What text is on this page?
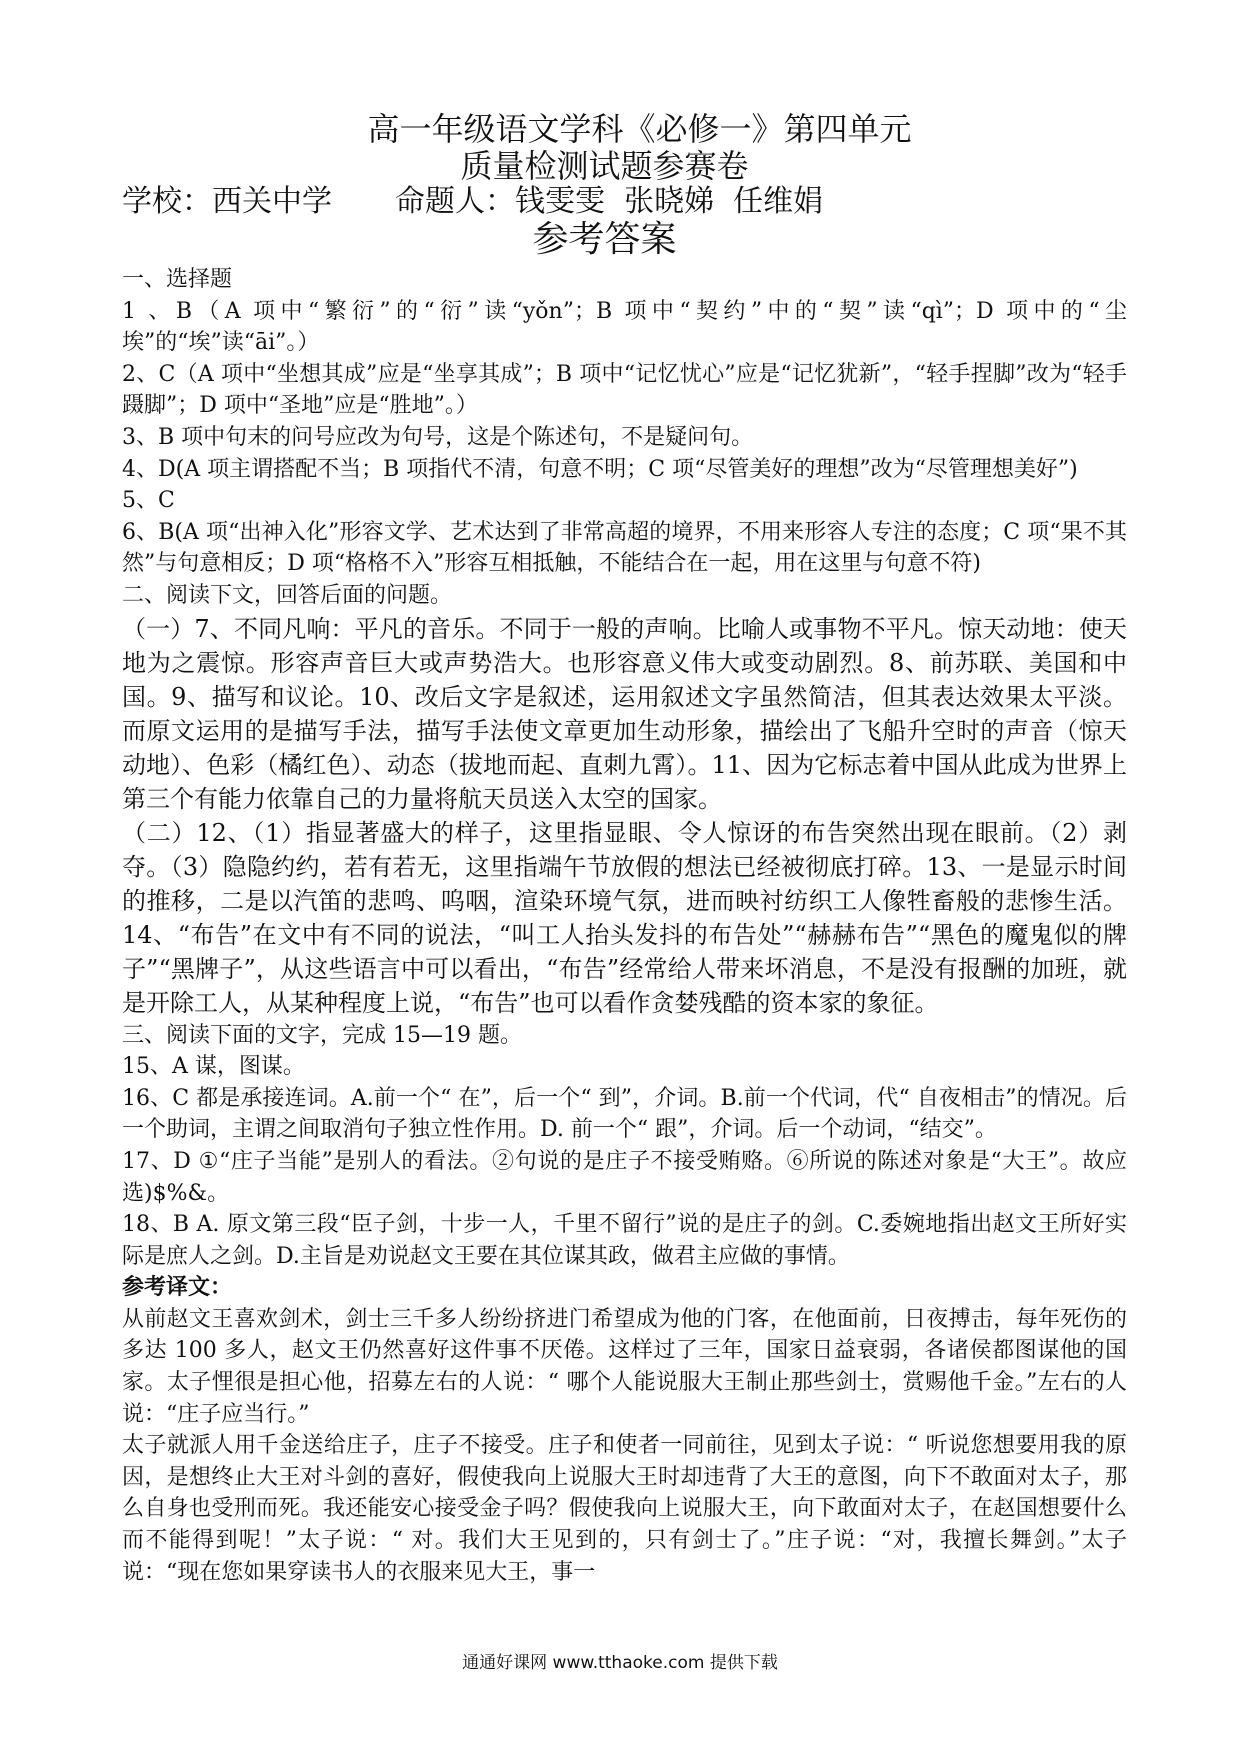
高一年级语文学科《必修一》第四单元
质量检测试题参赛卷
学校：西关中学 命题人：钱雯雯  张晓娣  任维娟
参考答案

一、选择题

1 、B（A 项中“繁衍”的“衍”读“yǒn”；B 项中“契约”中的“契”读“qì”；D 项中的“尘埃”的“埃”读“āi”。）

2、C（A 项中“坐想其成”应是“坐享其成”；B 项中“记忆忧心”应是“记忆犹新”，“轻手捏脚”改为“轻手蹑脚”；D 项中“圣地”应是“胜地”。）

3、B 项中句末的问号应改为句号，这是个陈述句，不是疑问句。

4、D(A 项主谓搭配不当；B 项指代不清，句意不明；C 项“尽管美好的理想”改为“尽管理想美好”)

5、C

6、B(A 项“出神入化”形容文学、艺术达到了非常高超的境界，不用来形容人专注的态度；C 项“果不其然”与句意相反；D 项“格格不入”形容互相抵触，不能结合在一起，用在这里与句意不符)

二、阅读下文，回答后面的问题。

（一）7、不同凡响：平凡的音乐。不同于一般的声响。比喻人或事物不平凡。惊天动地：使天地为之震惊。形容声音巨大或声势浩大。也形容意义伟大或变动剧烈。8、前苏联、美国和中国。9、描写和议论。10、改后文字是叙述，运用叙述文字虽然简洁，但其表达效果太平淡。而原文运用的是描写手法，描写手法使文章更加生动形象，描绘出了飞船升空时的声音（惊天动地）、色彩（橘红色）、动态（拔地而起、直刺九霄）。11、因为它标志着中国从此成为世界上第三个有能力依靠自己的力量将航天员送入太空的国家。

（二）12、（1）指显著盛大的样子，这里指显眼、令人惊讶的布告突然出现在眼前。（2）剥夺。（3）隐隐约约，若有若无，这里指端午节放假的想法已经被彻底打碎。13、一是显示时间的推移，二是以汽笛的悲鸣、呜咽，渲染环境气氛，进而映衬纺织工人像牲畜般的悲惨生活。14、“布告”在文中有不同的说法，“叫工人抬头发抖的布告处”“赫赫布告”“黑色的魔鬼似的牌子”“黑牌子”，从这些语言中可以看出，“布告”经常给人带来坏消息，不是没有报酬的加班，就是开除工人，从某种程度上说，“布告”也可以看作贪婪残酷的资本家的象征。

三、阅读下面的文字，完成 15—19 题。

15、A 谋，图谋。

16、C 都是承接连词。A.前一个“ 在”，后一个“ 到”，介词。B.前一个代词，代“ 自夜相击”的情况。后一个助词，主谓之间取消句子独立性作用。D. 前一个“ 跟”，介词。后一个动词，“结交”。

17、D ①“庄子当能”是别人的看法。②句说的是庄子不接受贿赂。⑥所说的陈述对象是“大王”。故应选)$%&。

18、B A. 原文第三段“臣子剑，十步一人，千里不留行”说的是庄子的剑。C.委婉地指出赵文王所好实际是庶人之剑。D.主旨是劝说赵文王要在其位谋其政，做君主应做的事情。

参考译文：

从前赵文王喜欢剑术，剑士三千多人纷纷挤进门希望成为他的门客，在他面前，日夜搏击，每年死伤的多达 100 多人，赵文王仍然喜好这件事不厌倦。这样过了三年，国家日益衰弱，各诸侯都图谋他的国家。太子悝很是担心他，招募左右的人说：“ 哪个人能说服大王制止那些剑士，赏赐他千金。”左右的人说：“庄子应当行。”

太子就派人用千金送给庄子，庄子不接受。庄子和使者一同前往，见到太子说：“ 听说您想要用我的原因，是想终止大王对斗剑的喜好，假使我向上说服大王时却违背了大王的意图，向下不敢面对太子，那么自身也受刑而死。我还能安心接受金子吗？假使我向上说服大王，向下敢面对太子，在赵国想要什么而不能得到呢！”太子说：“ 对。我们大王见到的，只有剑士了。”庄子说：“对，我擅长舞剑。”太子说：“现在您如果穿读书人的衣服来见大王，事一

通通好课网 www.tthaoke.com 提供下载
